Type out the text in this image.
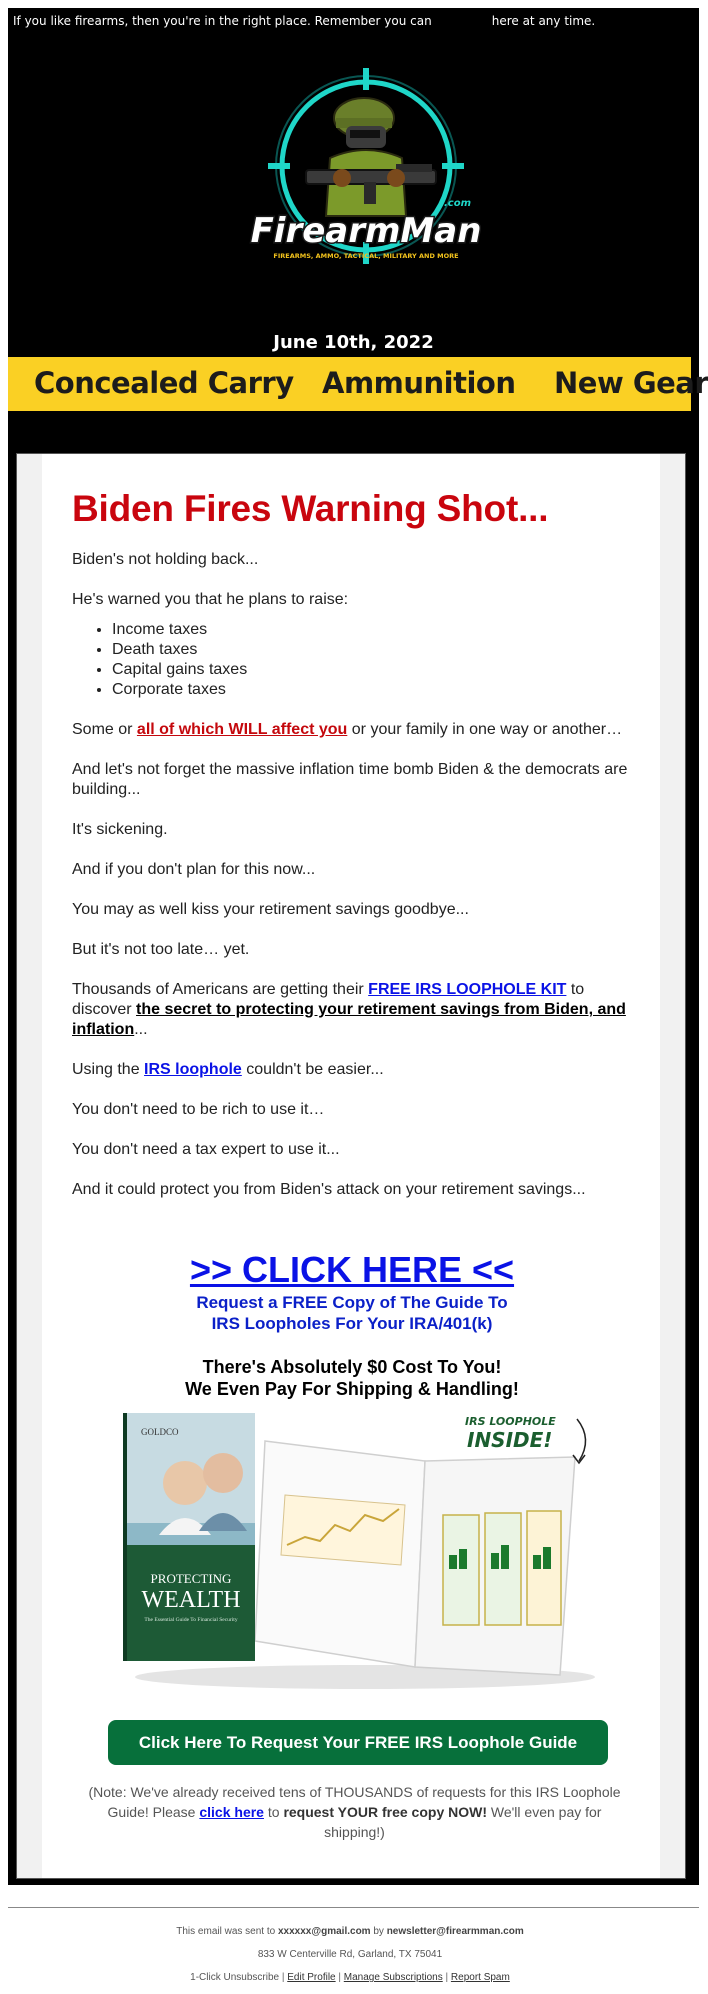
If you like firearms, then you're in the right place. Remember you can	here at any time.
.com
FirearmMan
FIREARMS, AMMO, TACTICAL, MILITARY AND MORE
June 10th, 2022
Concealed Carry Ammunition New Gear
Biden Fires Warning Shot...

Biden's not holding back...

He's warned you that he plans to raise:

• Income taxes
• Death taxes
• Capital gains taxes
• Corporate taxes

Some or all of which WILL affect you or your family in one way or another…

And let's not forget the massive inflation time bomb Biden & the democrats are building...

It's sickening.

And if you don't plan for this now...

You may as well kiss your retirement savings goodbye...

But it's not too late… yet.

Thousands of Americans are getting their FREE IRS LOOPHOLE KIT to discover the secret to protecting your retirement savings from Biden, and inflation...

Using the IRS loophole couldn't be easier...

You don't need to be rich to use it…

You don't need a tax expert to use it...

And it could protect you from Biden's attack on your retirement savings...

>> CLICK HERE <<
Request a FREE Copy of The Guide To
IRS Loopholes For Your IRA/401(k)
There's Absolutely $0 Cost To You!
We Even Pay For Shipping & Handling!
GOLDCO
PROTECTING
WEALTH
The Essential Guide To Financial Security
IRS LOOPHOLE
INSIDE!
Click Here To Request Your FREE IRS Loophole Guide
(Note: We've already received tens of THOUSANDS of requests for this IRS Loophole Guide! Please click here to request YOUR free copy NOW! We'll even pay for shipping!)
This email was sent to xxxxxx@gmail.com by newsletter@firearmman.com
833 W Centerville Rd, Garland, TX 75041
1-Click Unsubscribe | Edit Profile | Manage Subscriptions | Report Spam
